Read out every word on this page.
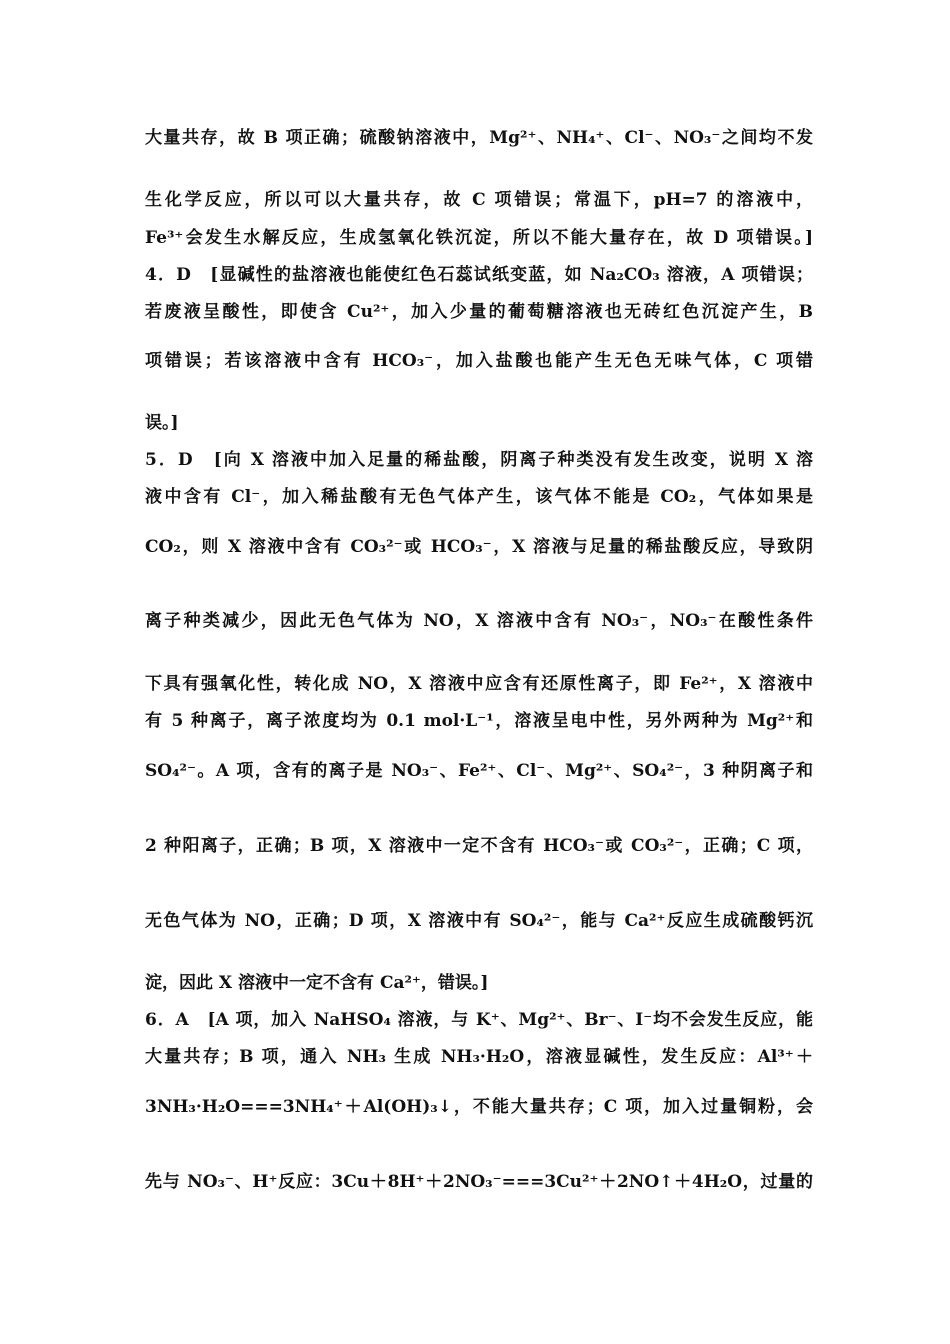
大量共存，故 B 项正确；硫酸钠溶液中，Mg²⁺、NH₄⁺、Cl⁻、NO₃⁻之间均不发
生化学反应，所以可以大量共存，故 C 项错误；常温下，pH=7 的溶液中，
Fe³⁺会发生水解反应，生成氢氧化铁沉淀，所以不能大量存在，故 D 项错误。]
4．D　[显碱性的盐溶液也能使红色石蕊试纸变蓝，如 Na₂CO₃ 溶液，A 项错误；
若废液呈酸性，即使含 Cu²⁺，加入少量的葡萄糖溶液也无砖红色沉淀产生，B
项错误；若该溶液中含有 HCO₃⁻，加入盐酸也能产生无色无味气体，C 项错
误。]
5．D　[向 X 溶液中加入足量的稀盐酸，阴离子种类没有发生改变，说明 X 溶
液中含有 Cl⁻，加入稀盐酸有无色气体产生，该气体不能是 CO₂，气体如果是
CO₂，则 X 溶液中含有 CO₃²⁻或 HCO₃⁻，X 溶液与足量的稀盐酸反应，导致阴
离子种类减少，因此无色气体为 NO，X 溶液中含有 NO₃⁻，NO₃⁻在酸性条件
下具有强氧化性，转化成 NO，X 溶液中应含有还原性离子，即 Fe²⁺，X 溶液中
有 5 种离子，离子浓度均为 0.1 mol·L⁻¹，溶液呈电中性，另外两种为 Mg²⁺和
SO₄²⁻。A 项，含有的离子是 NO₃⁻、Fe²⁺、Cl⁻、Mg²⁺、SO₄²⁻，3 种阴离子和
2 种阳离子，正确；B 项，X 溶液中一定不含有 HCO₃⁻或 CO₃²⁻，正确；C 项，
无色气体为 NO，正确；D 项，X 溶液中有 SO₄²⁻，能与 Ca²⁺反应生成硫酸钙沉
淀，因此 X 溶液中一定不含有 Ca²⁺，错误。]
6．A　[A 项，加入 NaHSO₄ 溶液，与 K⁺、Mg²⁺、Br⁻、I⁻均不会发生反应，能
大量共存；B 项，通入 NH₃ 生成 NH₃·H₂O，溶液显碱性，发生反应：Al³⁺＋
3NH₃·H₂O===3NH₄⁺＋Al(OH)₃↓，不能大量共存；C 项，加入过量铜粉，会
先与 NO₃⁻、H⁺反应：3Cu＋8H⁺＋2NO₃⁻===3Cu²⁺＋2NO↑＋4H₂O，过量的
